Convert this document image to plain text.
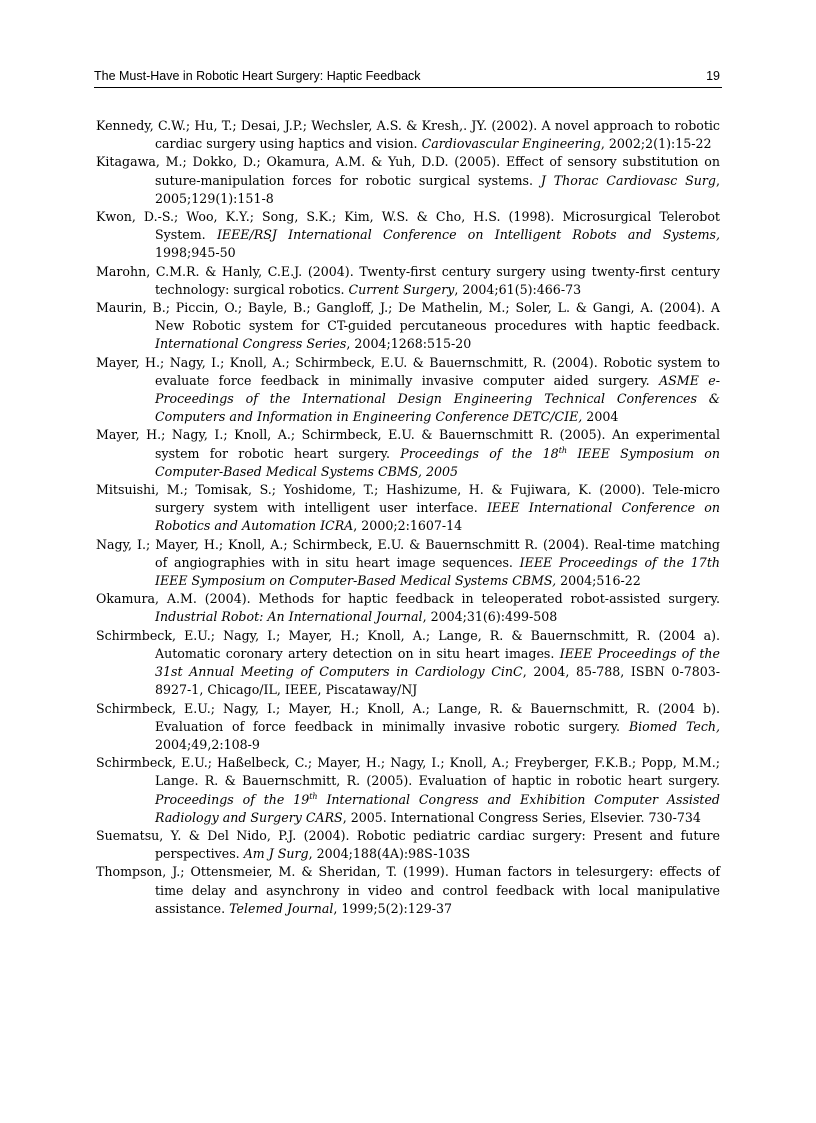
The Must-Have in Robotic Heart Surgery: Haptic Feedback	19
Kennedy, C.W.; Hu, T.; Desai, J.P.; Wechsler, A.S. & Kresh,. JY. (2002). A novel approach to robotic cardiac surgery using haptics and vision. Cardiovascular Engineering, 2002;2(1):15-22
Kitagawa, M.; Dokko, D.; Okamura, A.M. & Yuh, D.D. (2005). Effect of sensory substitution on suture-manipulation forces for robotic surgical systems. J Thorac Cardiovasc Surg, 2005;129(1):151-8
Kwon, D.-S.; Woo, K.Y.; Song, S.K.; Kim, W.S. & Cho, H.S. (1998). Microsurgical Telerobot System. IEEE/RSJ International Conference on Intelligent Robots and Systems, 1998;945-50
Marohn, C.M.R. & Hanly, C.E.J. (2004). Twenty-first century surgery using twenty-first century technology: surgical robotics. Current Surgery, 2004;61(5):466-73
Maurin, B.; Piccin, O.; Bayle, B.; Gangloff, J.; De Mathelin, M.; Soler, L. & Gangi, A. (2004). A New Robotic system for CT-guided percutaneous procedures with haptic feedback. International Congress Series, 2004;1268:515-20
Mayer, H.; Nagy, I.; Knoll, A.; Schirmbeck, E.U. & Bauernschmitt, R. (2004). Robotic system to evaluate force feedback in minimally invasive computer aided surgery. ASME e-Proceedings of the International Design Engineering Technical Conferences & Computers and Information in Engineering Conference DETC/CIE, 2004
Mayer, H.; Nagy, I.; Knoll, A.; Schirmbeck, E.U. & Bauernschmitt R. (2005). An experimental system for robotic heart surgery. Proceedings of the 18th IEEE Symposium on Computer-Based Medical Systems CBMS, 2005
Mitsuishi, M.; Tomisak, S.; Yoshidome, T.; Hashizume, H. & Fujiwara, K. (2000). Tele-micro surgery system with intelligent user interface. IEEE International Conference on Robotics and Automation ICRA, 2000;2:1607-14
Nagy, I.; Mayer, H.; Knoll, A.; Schirmbeck, E.U. & Bauernschmitt R. (2004). Real-time matching of angiographies with in situ heart image sequences. IEEE Proceedings of the 17th IEEE Symposium on Computer-Based Medical Systems CBMS, 2004;516-22
Okamura, A.M. (2004). Methods for haptic feedback in teleoperated robot-assisted surgery. Industrial Robot: An International Journal, 2004;31(6):499-508
Schirmbeck, E.U.; Nagy, I.; Mayer, H.; Knoll, A.; Lange, R. & Bauernschmitt, R. (2004 a). Automatic coronary artery detection on in situ heart images. IEEE Proceedings of the 31st Annual Meeting of Computers in Cardiology CinC, 2004, 85-788, ISBN 0-7803-8927-1, Chicago/IL, IEEE, Piscataway/NJ
Schirmbeck, E.U.; Nagy, I.; Mayer, H.; Knoll, A.; Lange, R. & Bauernschmitt, R. (2004 b). Evaluation of force feedback in minimally invasive robotic surgery. Biomed Tech, 2004;49,2:108-9
Schirmbeck, E.U.; Haßelbeck, C.; Mayer, H.; Nagy, I.; Knoll, A.; Freyberger, F.K.B.; Popp, M.M.; Lange. R. & Bauernschmitt, R. (2005). Evaluation of haptic in robotic heart surgery. Proceedings of the 19th International Congress and Exhibition Computer Assisted Radiology and Surgery CARS, 2005. International Congress Series, Elsevier. 730-734
Suematsu, Y. & Del Nido, P.J. (2004). Robotic pediatric cardiac surgery: Present and future perspectives. Am J Surg, 2004;188(4A):98S-103S
Thompson, J.; Ottensmeier, M. & Sheridan, T. (1999). Human factors in telesurgery: effects of time delay and asynchrony in video and control feedback with local manipulative assistance. Telemed Journal, 1999;5(2):129-37
